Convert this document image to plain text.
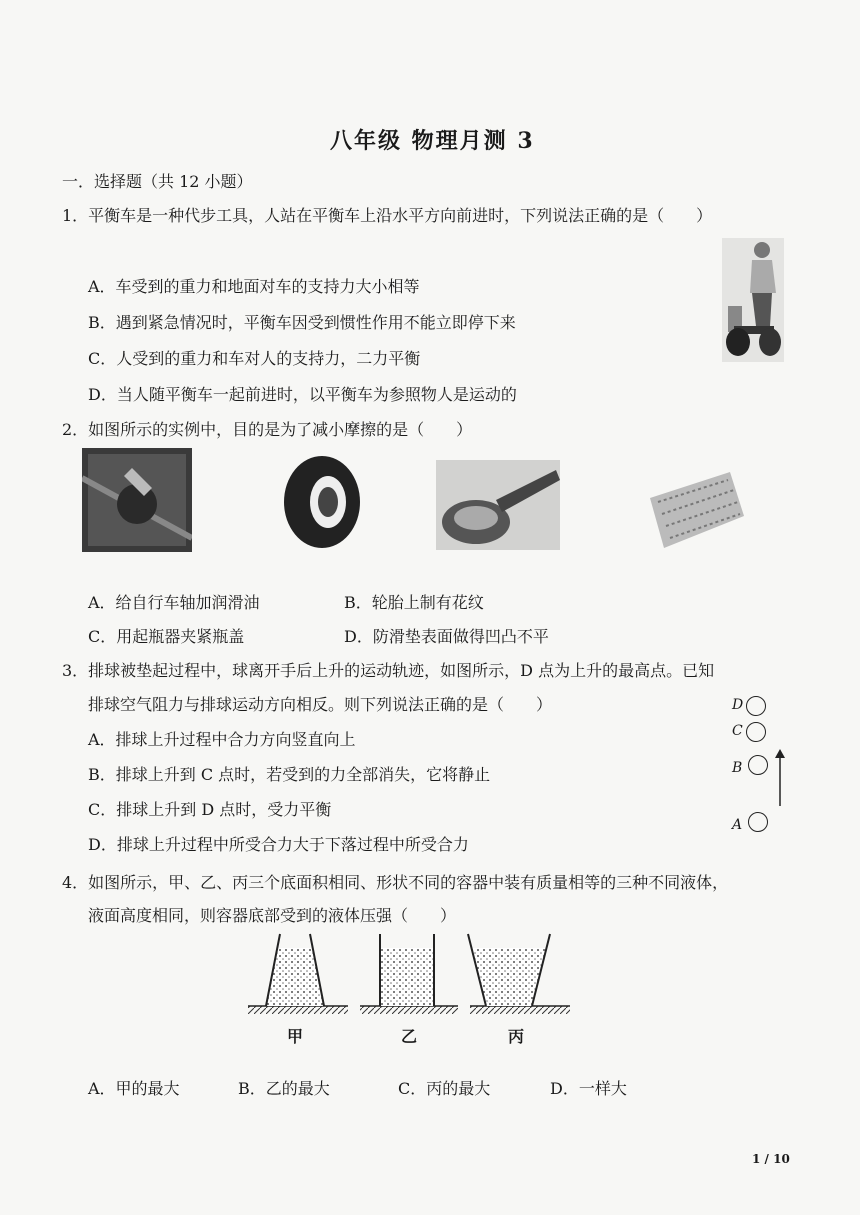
八年级 物理月测 3
一．选择题（共 12 小题）
1．平衡车是一种代步工具，人站在平衡车上沿水平方向前进时，下列说法正确的是（　　）
A．车受到的重力和地面对车的支持力大小相等
B．遇到紧急情况时，平衡车因受到惯性作用不能立即停下来
C．人受到的重力和车对人的支持力，二力平衡
D．当人随平衡车一起前进时，以平衡车为参照物人是运动的
2．如图所示的实例中，目的是为了减小摩擦的是（　　）
A．给自行车轴加润滑油	B．轮胎上制有花纹
C．用起瓶器夹紧瓶盖	D．防滑垫表面做得凹凸不平
3．排球被垫起过程中，球离开手后上升的运动轨迹，如图所示，D 点为上升的最高点。已知
排球空气阻力与排球运动方向相反。则下列说法正确的是（　　）
A．排球上升过程中合力方向竖直向上
B．排球上升到 C 点时，若受到的力全部消失，它将静止
C．排球上升到 D 点时，受力平衡
D．排球上升过程中所受合力大于下落过程中所受合力
D
C
B
A
4．如图所示，甲、乙、丙三个底面积相同、形状不同的容器中装有质量相等的三种不同液体，
液面高度相同，则容器底部受到的液体压强（　　）
甲	乙	丙
A．甲的最大	B．乙的最大	C．丙的最大	D．一样大
1 / 10
